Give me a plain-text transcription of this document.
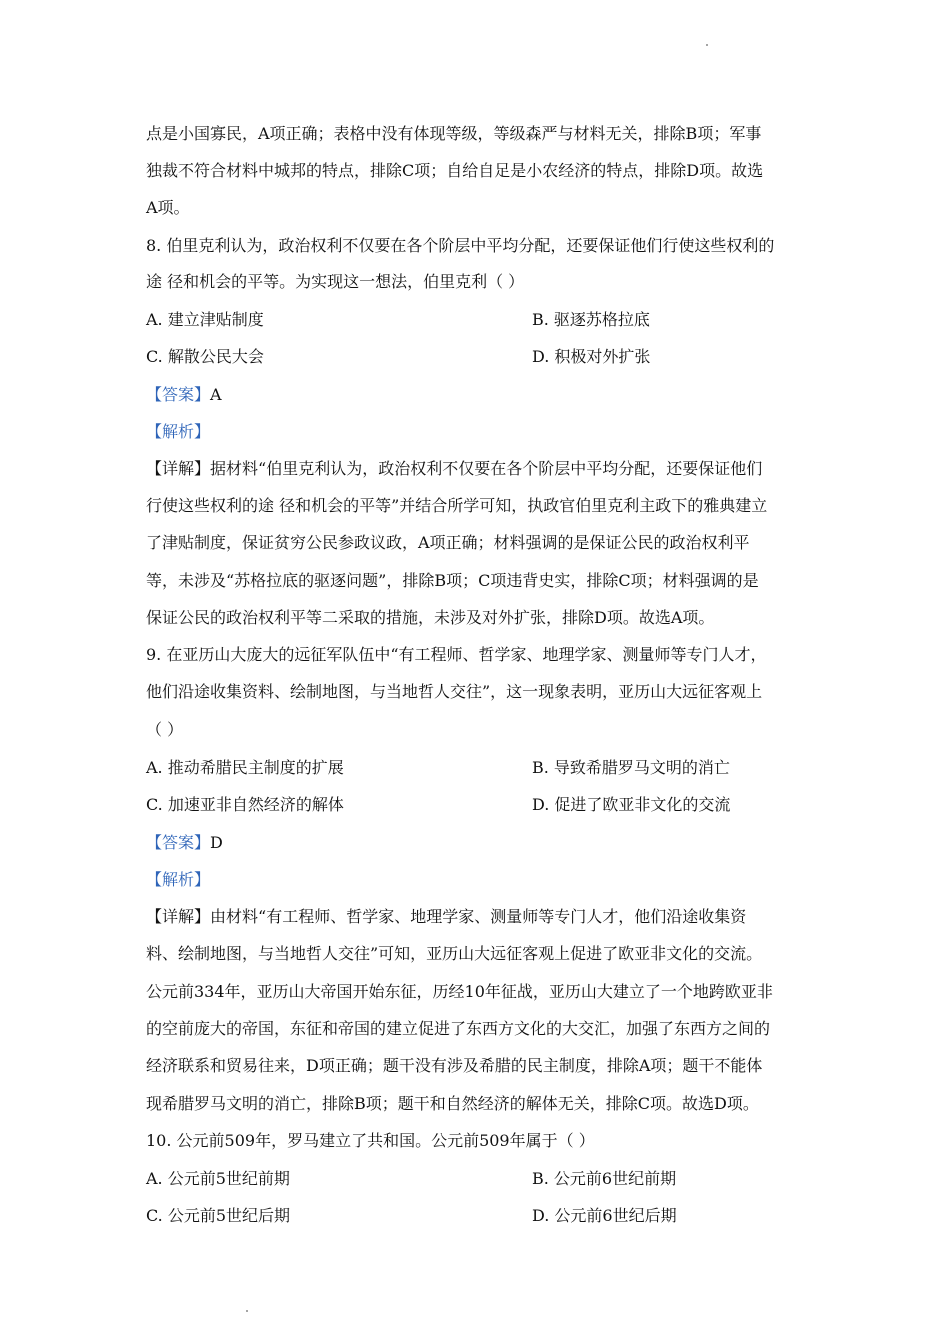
点是小国寡民，A项正确；表格中没有体现等级，等级森严与材料无关，排除B项；军事
独裁不符合材料中城邦的特点，排除C项；自给自足是小农经济的特点，排除D项。故选
A项。
8. 伯里克利认为，政治权利不仅要在各个阶层中平均分配，还要保证他们行使这些权利的
途 径和机会的平等。为实现这一想法，伯里克利（ ）
A. 建立津贴制度	B. 驱逐苏格拉底
C. 解散公民大会	D. 积极对外扩张
【答案】A
【解析】
【详解】据材料“伯里克利认为，政治权利不仅要在各个阶层中平均分配，还要保证他们
行使这些权利的途 径和机会的平等”并结合所学可知，执政官伯里克利主政下的雅典建立
了津贴制度，保证贫穷公民参政议政，A项正确；材料强调的是保证公民的政治权利平
等，未涉及“苏格拉底的驱逐问题”，排除B项；C项违背史实，排除C项；材料强调的是
保证公民的政治权利平等二采取的措施，未涉及对外扩张，排除D项。故选A项。
9. 在亚历山大庞大的远征军队伍中“有工程师、哲学家、地理学家、测量师等专门人才，
他们沿途收集资料、绘制地图，与当地哲人交往”，这一现象表明，亚历山大远征客观上
（ ）
A. 推动希腊民主制度的扩展	B. 导致希腊罗马文明的消亡
C. 加速亚非自然经济的解体	D. 促进了欧亚非文化的交流
【答案】D
【解析】
【详解】由材料“有工程师、哲学家、地理学家、测量师等专门人才，他们沿途收集资
料、绘制地图，与当地哲人交往”可知，亚历山大远征客观上促进了欧亚非文化的交流。
公元前334年，亚历山大帝国开始东征，历经10年征战，亚历山大建立了一个地跨欧亚非
的空前庞大的帝国，东征和帝国的建立促进了东西方文化的大交汇，加强了东西方之间的
经济联系和贸易往来，D项正确；题干没有涉及希腊的民主制度，排除A项；题干不能体
现希腊罗马文明的消亡，排除B项；题干和自然经济的解体无关，排除C项。故选D项。
10. 公元前509年，罗马建立了共和国。公元前509年属于（ ）
A. 公元前5世纪前期	B. 公元前6世纪前期
C. 公元前5世纪后期	D. 公元前6世纪后期
